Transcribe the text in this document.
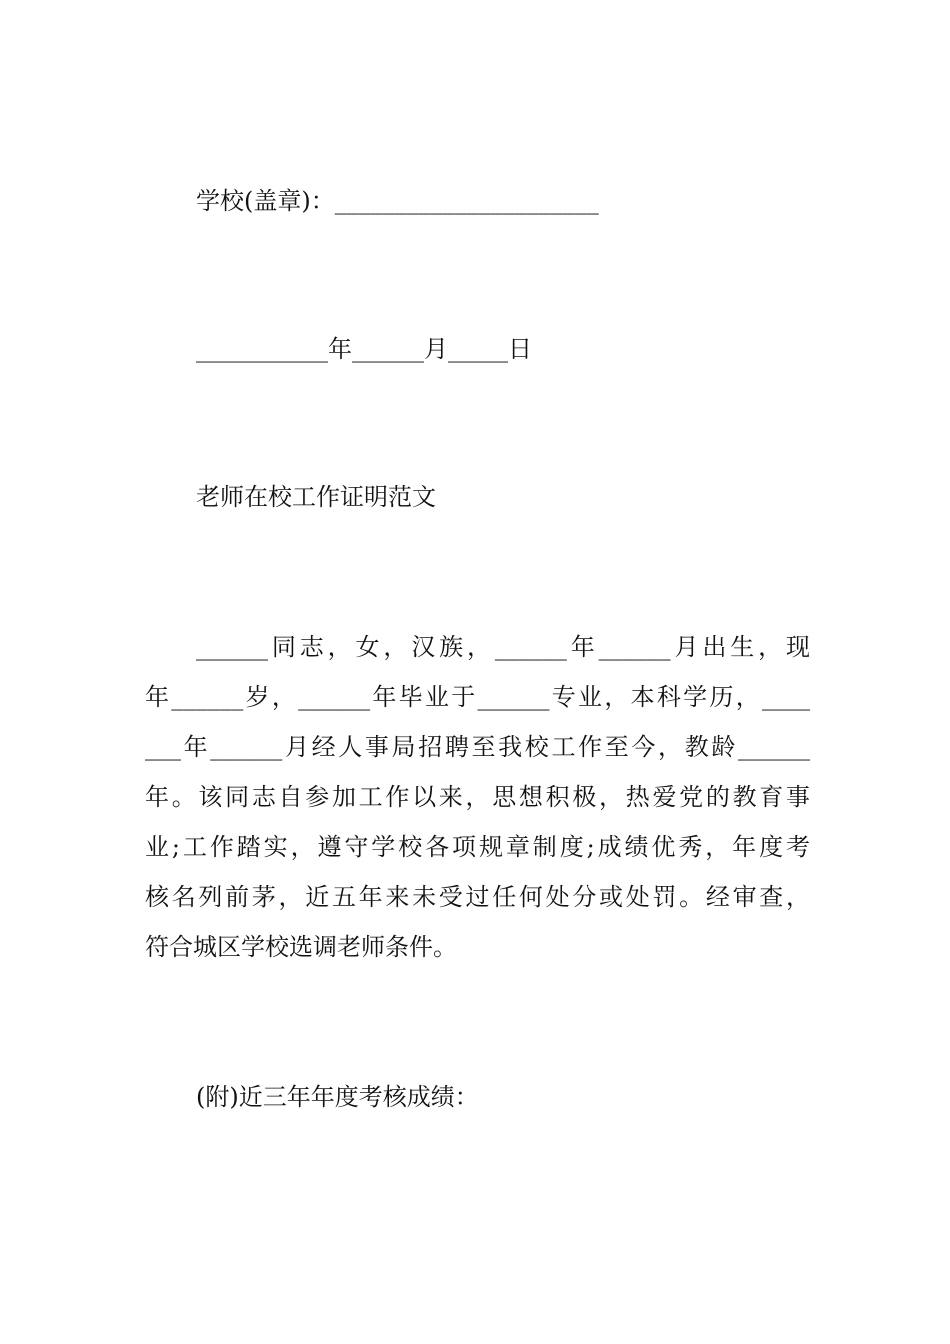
学校(盖章)：______________________
___________年______月_____日
老师在校工作证明范文
______同志，女，汉族，______年______月出生，现
年______岁，______年毕业于______专业，本科学历，____
___年______月经人事局招聘至我校工作至今，教龄______
年。该同志自参加工作以来，思想积极，热爱党的教育事
业;工作踏实，遵守学校各项规章制度;成绩优秀，年度考
核名列前茅，近五年来未受过任何处分或处罚。经审查，
符合城区学校选调老师条件。
(附)近三年年度考核成绩：
